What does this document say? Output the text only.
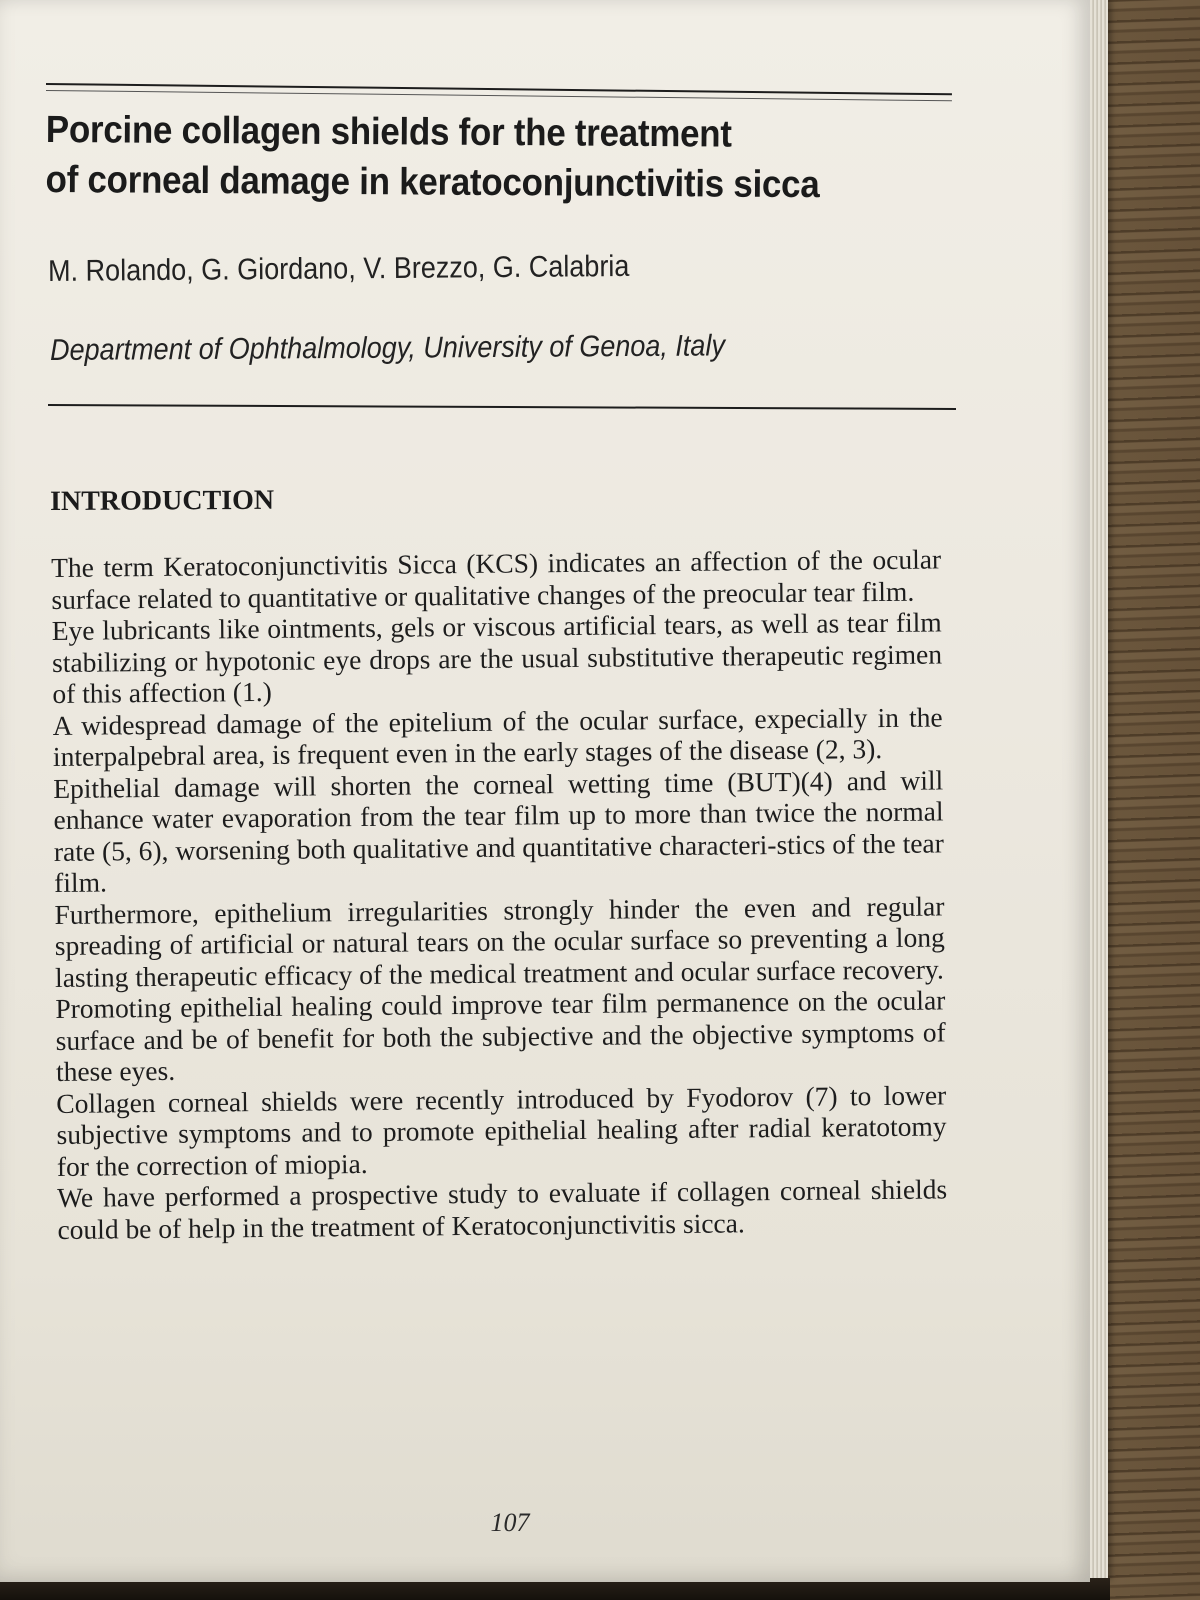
Porcine collagen shields for the treatment
of corneal damage in keratoconjunctivitis sicca

M. Rolando, G. Giordano, V. Brezzo, G. Calabria

Department of Ophthalmology, University of Genoa, Italy

INTRODUCTION

The term Keratoconjunctivitis Sicca (KCS) indicates an affection of the ocular surface related to quantitative or qualitative changes of the preocular tear film.

Eye lubricants like ointments, gels or viscous artificial tears, as well as tear film stabilizing or hypotonic eye drops are the usual substitutive therapeutic regimen of this affection (1.)

A widespread damage of the epitelium of the ocular surface, expecially in the interpalpebral area, is frequent even in the early stages of the disease (2, 3).

Epithelial damage will shorten the corneal wetting time (BUT)(4) and will enhance water evaporation from the tear film up to more than twice the normal rate (5, 6), worsening both qualitative and quantitative characteri-stics of the tear film.

Furthermore, epithelium irregularities strongly hinder the even and regular spreading of artificial or natural tears on the ocular surface so preventing a long lasting therapeutic efficacy of the medical treatment and ocular surface recovery.

Promoting epithelial healing could improve tear film permanence on the ocular surface and be of benefit for both the subjective and the objective symptoms of these eyes.

Collagen corneal shields were recently introduced by Fyodorov (7) to lower subjective symptoms and to promote epithelial healing after radial keratotomy for the correction of miopia.

We have performed a prospective study to evaluate if collagen corneal shields could be of help in the treatment of Keratoconjunctivitis sicca.

107
